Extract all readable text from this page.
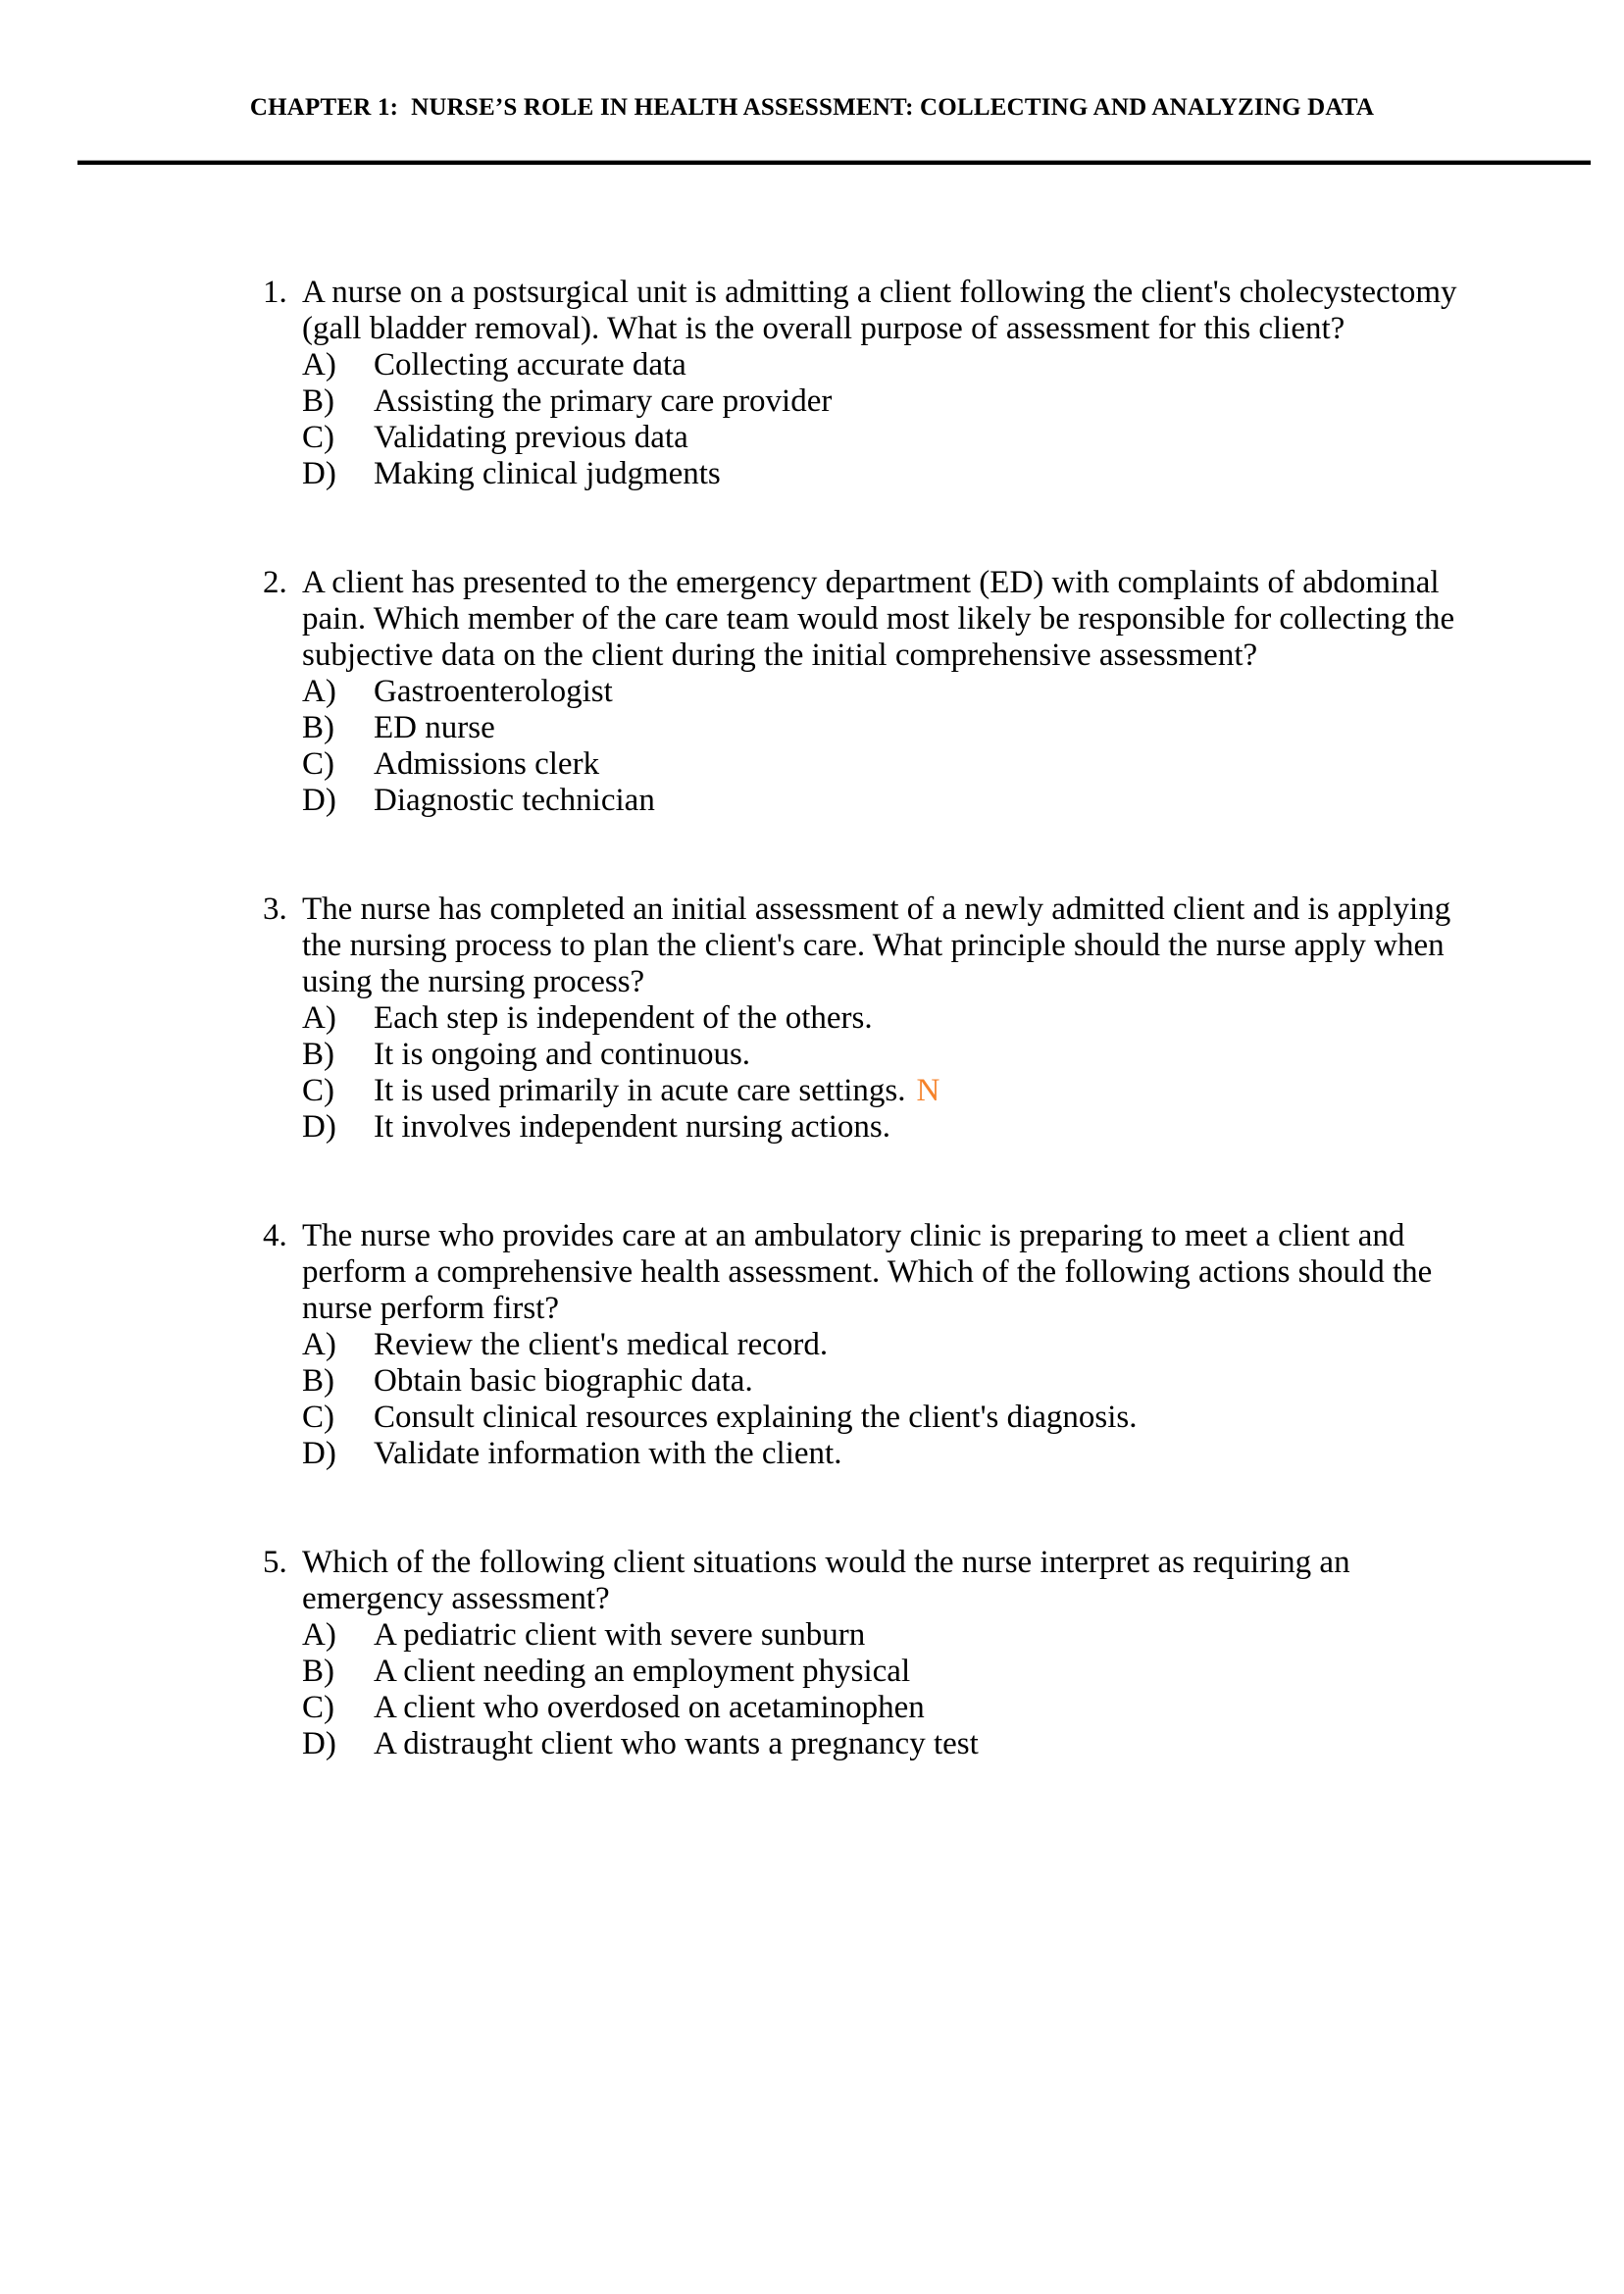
CHAPTER 1:  NURSE’S ROLE IN HEALTH ASSESSMENT: COLLECTING AND ANALYZING DATA
1. A nurse on a postsurgical unit is admitting a client following the client's cholecystectomy (gall bladder removal). What is the overall purpose of assessment for this client?

A)	Collecting accurate data
B)	Assisting the primary care provider
C)	Validating previous data
D)	Making clinical judgments
2. A client has presented to the emergency department (ED) with complaints of abdominal pain. Which member of the care team would most likely be responsible for collecting the subjective data on the client during the initial comprehensive assessment?

A)	Gastroenterologist
B)	ED nurse
C)	Admissions clerk
D)	Diagnostic technician
3. The nurse has completed an initial assessment of a newly admitted client and is applying the nursing process to plan the client's care. What principle should the nurse apply when using the nursing process?

A)	Each step is independent of the others.
B)	It is ongoing and continuous.
C)	It is used primarily in acute care settings. N
D)	It involves independent nursing actions.
4. The nurse who provides care at an ambulatory clinic is preparing to meet a client and perform a comprehensive health assessment. Which of the following actions should the nurse perform first?

A)	Review the client's medical record.
B)	Obtain basic biographic data.
C)	Consult clinical resources explaining the client's diagnosis.
D)	Validate information with the client.
5. Which of the following client situations would the nurse interpret as requiring an emergency assessment?

A)	A pediatric client with severe sunburn
B)	A client needing an employment physical
C)	A client who overdosed on acetaminophen
D)	A distraught client who wants a pregnancy test
